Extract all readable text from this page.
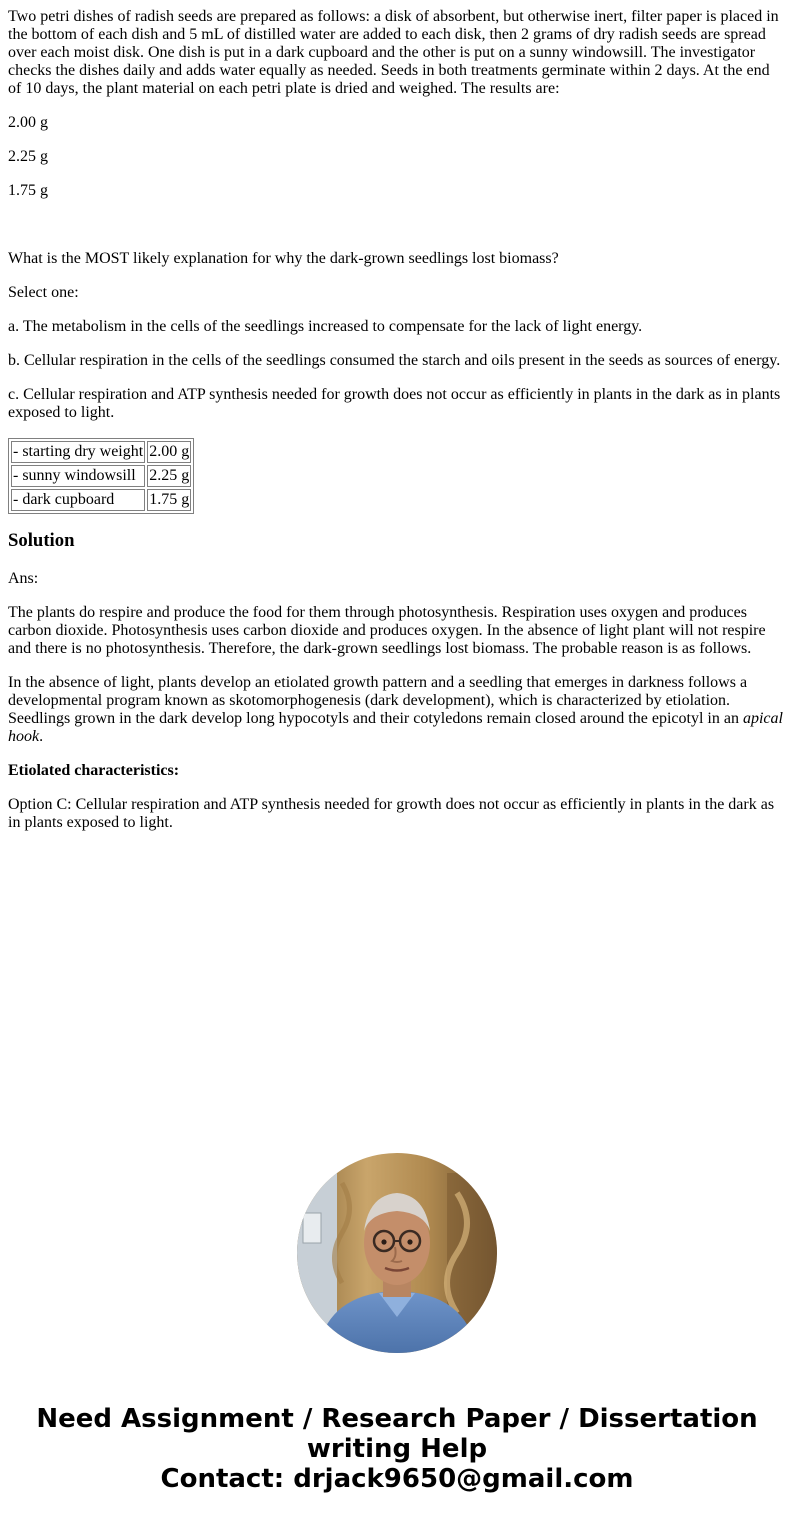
Two petri dishes of radish seeds are prepared as follows: a disk of absorbent, but otherwise inert, filter paper is placed in the bottom of each dish and 5 mL of distilled water are added to each disk, then 2 grams of dry radish seeds are spread over each moist disk. One dish is put in a dark cupboard and the other is put on a sunny windowsill. The investigator checks the dishes daily and adds water equally as needed. Seeds in both treatments germinate within 2 days. At the end of 10 days, the plant material on each petri plate is dried and weighed. The results are:

2.00 g

2.25 g

1.75 g

What is the MOST likely explanation for why the dark-grown seedlings lost biomass?

Select one:

a. The metabolism in the cells of the seedlings increased to compensate for the lack of light energy.

b. Cellular respiration in the cells of the seedlings consumed the starch and oils present in the seeds as sources of energy.

c. Cellular respiration and ATP synthesis needed for growth does not occur as efficiently in plants in the dark as in plants exposed to light.

- starting dry weight	2.00 g
- sunny windowsill	2.25 g
- dark cupboard	1.75 g
Solution

Ans:

The plants do respire and produce the food for them through photosynthesis. Respiration uses oxygen and produces carbon dioxide. Photosynthesis uses carbon dioxide and produces oxygen. In the absence of light plant will not respire and there is no photosynthesis. Therefore, the dark-grown seedlings lost biomass. The probable reason is as follows.

In the absence of light, plants develop an etiolated growth pattern and a seedling that emerges in darkness follows a developmental program known as skotomorphogenesis (dark development), which is characterized by etiolation. Seedlings grown in the dark develop long hypocotyls and their cotyledons remain closed around the epicotyl in an apical hook.

Etiolated characteristics:

Option C: Cellular respiration and ATP synthesis needed for growth does not occur as efficiently in plants in the dark as in plants exposed to light.

Need Assignment / Research Paper / Dissertation
writing Help
Contact: drjack9650@gmail.com
